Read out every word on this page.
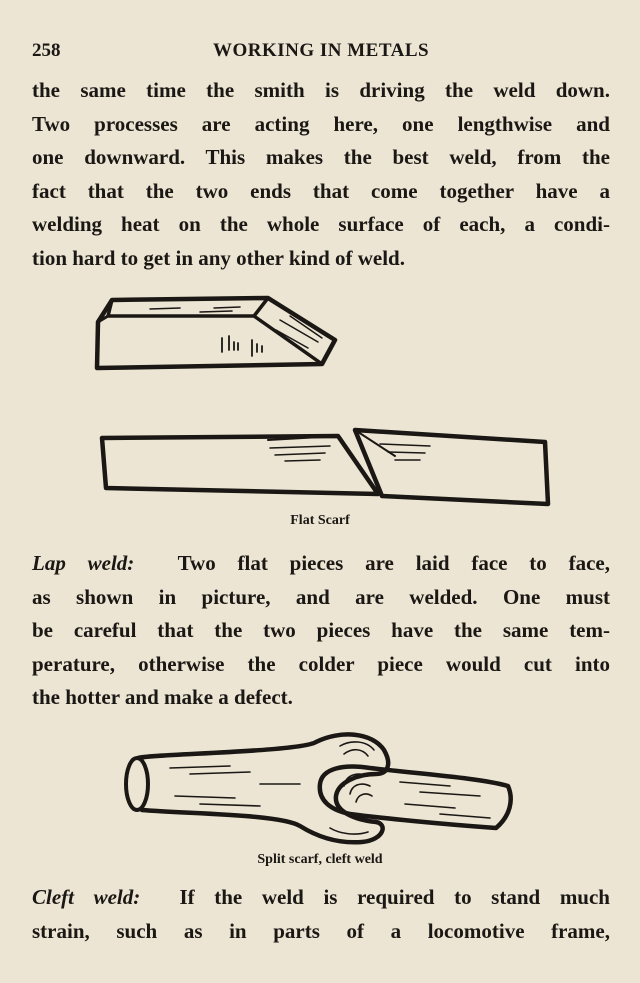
258	WORKING IN METALS

the same time the smith is driving the weld down.
Two processes are acting here, one lengthwise and
one downward. This makes the best weld, from the
fact that the two ends that come together have a
welding heat on the whole surface of each, a condi-
tion hard to get in any other kind of weld.

Flat Scarf

Lap weld: Two flat pieces are laid face to face,
as shown in picture, and are welded. One must
be careful that the two pieces have the same tem-
perature, otherwise the colder piece would cut into
the hotter and make a defect.

Split scarf, cleft weld

Cleft weld: If the weld is required to stand much
strain, such as in parts of a locomotive frame,
